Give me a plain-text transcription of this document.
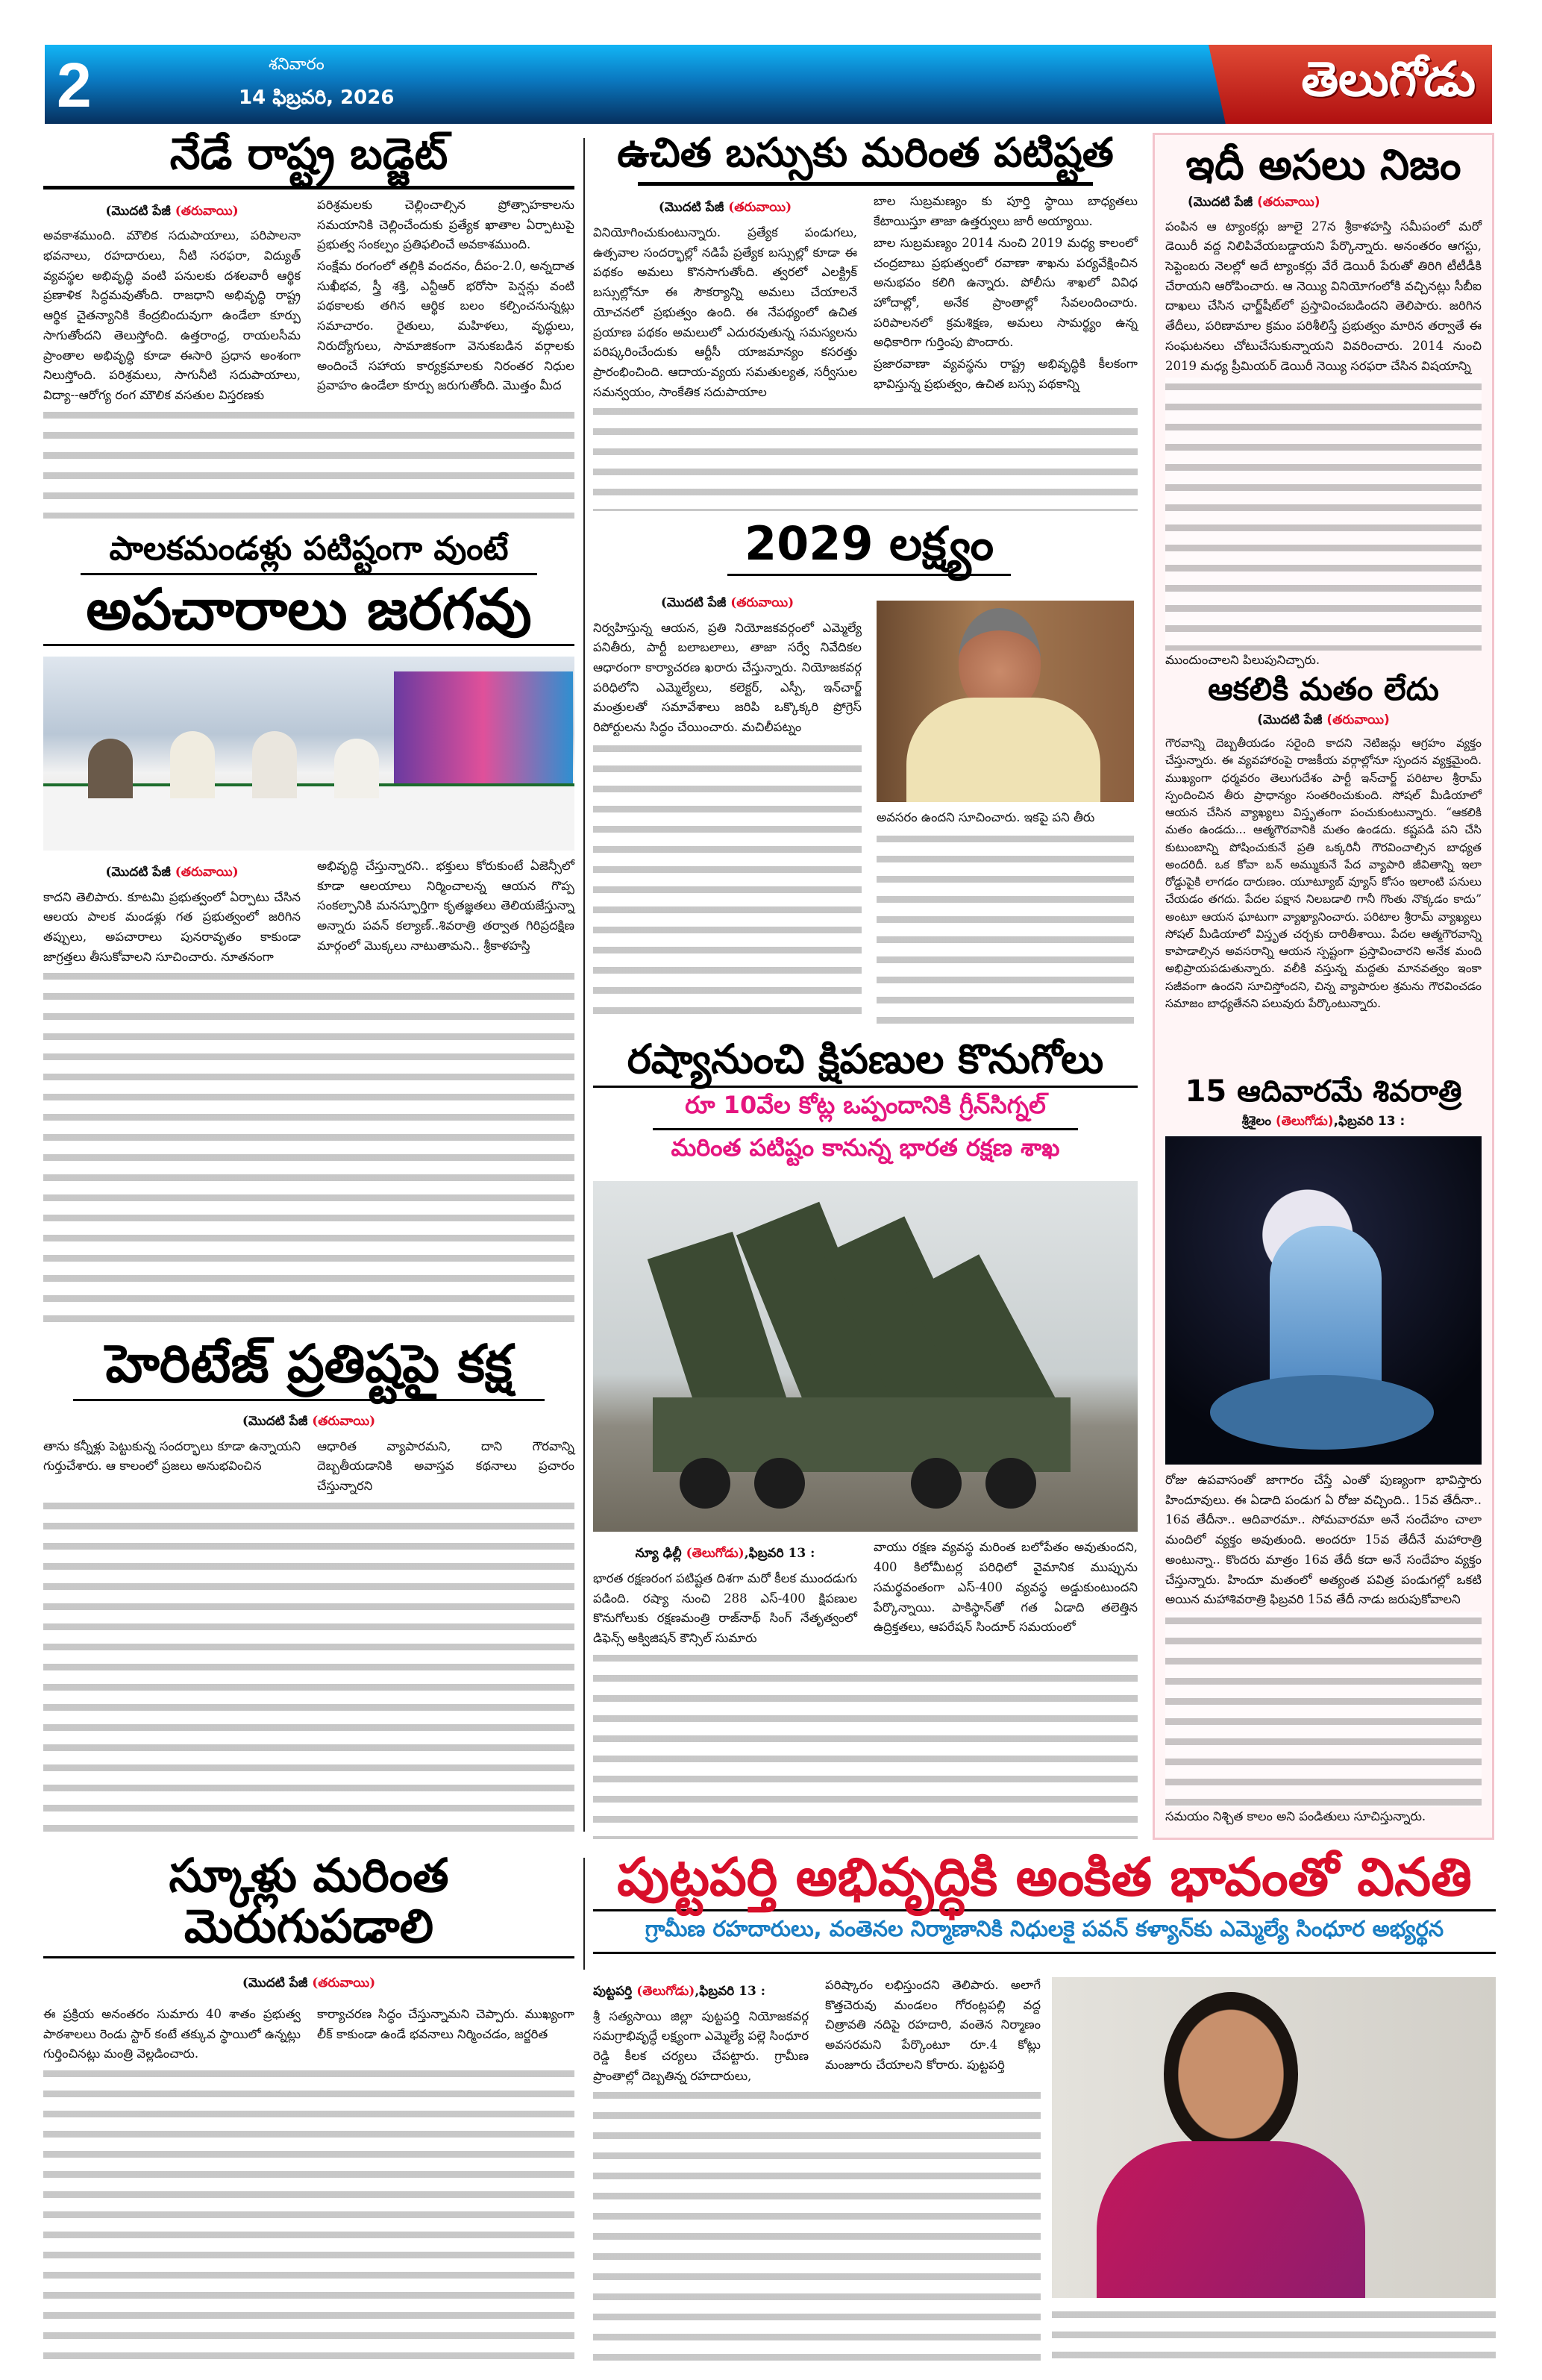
2	శనివారం
14 ఫిబ్రవరి, 2026	తెలుగోడు
నేడే రాష్ట్ర బడ్జెట్
(మొదటి పేజీ (తరువాయి)

అవకాశముంది. మౌలిక సదుపాయాలు, పరిపాలనా భవనాలు, రహదారులు, నీటి సరఫరా, విద్యుత్ వ్యవస్థల అభివృద్ధి వంటి పనులకు దశలవారీ ఆర్థిక ప్రణాళిక సిద్ధమవుతోంది. రాజధాని అభివృద్ధి రాష్ట్ర ఆర్థిక చైతన్యానికి కేంద్రబిందువుగా ఉండేలా కూర్పు సాగుతోందని తెలుస్తోంది. ఉత్తరాంధ్ర, రాయలసీమ ప్రాంతాల అభివృద్ధి కూడా ఈసారి ప్రధాన అంశంగా నిలుస్తోంది. పరిశ్రమలు, సాగునీటి సదుపాయాలు, విద్యా--ఆరోగ్య రంగ మౌలిక వసతుల విస్తరణకు

పరిశ్రమలకు చెల్లించాల్సిన ప్రోత్సాహకాలను సమయానికి చెల్లించేందుకు ప్రత్యేక ఖాతాల ఏర్పాటుపై ప్రభుత్వ సంకల్పం ప్రతిఫలించే అవకాశముంది.

సంక్షేమ రంగంలో తల్లికి వందనం, దీపం-2.0, అన్నదాత సుఖీభవ, స్త్రీ శక్తి, ఎన్టీఆర్ భరోసా పెన్షన్లు వంటి పథకాలకు తగిన ఆర్థిక బలం కల్పించనున్నట్లు సమాచారం. రైతులు, మహిళలు, వృద్ధులు, నిరుద్యోగులు, సామాజికంగా వెనుకబడిన వర్గాలకు అందించే సహాయ కార్యక్రమాలకు నిరంతర నిధుల ప్రవాహం ఉండేలా కూర్పు జరుగుతోంది. మొత్తం మీద

పాలకమండళ్లు పటిష్టంగా వుంటే
అపచారాలు జరగవు
(మొదటి పేజీ (తరువాయి)

కాదని తెలిపారు. కూటమి ప్రభుత్వంలో ఏర్పాటు చేసిన ఆలయ పాలక మండళ్లు గత ప్రభుత్వంలో జరిగిన తప్పులు, అపచారాలు పునరావృతం కాకుండా జాగ్రత్తలు తీసుకోవాలని సూచించారు. నూతనంగా

అభివృద్ధి చేస్తున్నారని.. భక్తులు కోరుకుంటే ఏజెన్సీలో కూడా ఆలయాలు నిర్మించాలన్న ఆయన గొప్ప సంకల్పానికి మనస్ఫూర్తిగా కృతజ్ఞతలు తెలియజేస్తున్నా అన్నారు పవన్ కల్యాణ్..శివరాత్రి తర్వాత గిరిప్రదక్షిణ మార్గంలో మొక్కలు నాటుతామని.. శ్రీకాళహస్తి

హెరిటేజ్ ప్రతిష్టపై కక్ష
(మొదటి పేజీ (తరువాయి)

తాను కన్నీళ్లు పెట్టుకున్న సందర్భాలు కూడా ఉన్నాయని గుర్తుచేశారు. ఆ కాలంలో ప్రజలు అనుభవించిన

ఆధారిత వ్యాపారమని, దాని గౌరవాన్ని దెబ్బతీయడానికి అవాస్తవ కథనాలు ప్రచారం చేస్తున్నారని

స్కూళ్లు మరింత మెరుగుపడాలి
(మొదటి పేజీ (తరువాయి)

ఈ ప్రక్రియ అనంతరం సుమారు 40 శాతం ప్రభుత్వ పాఠశాలలు రెండు స్టార్ కంటే తక్కువ స్థాయిలో ఉన్నట్లు గుర్తించినట్లు మంత్రి వెల్లడించారు.

కార్యాచరణ సిద్ధం చేస్తున్నామని చెప్పారు. ముఖ్యంగా లీక్ కాకుండా ఉండే భవనాలు నిర్మించడం, జర్జరిత

ఉచిత బస్సుకు మరింత పటిష్టత
(మొదటి పేజీ (తరువాయి)

వినియోగించుకుంటున్నారు. ప్రత్యేక పండుగలు, ఉత్సవాల సందర్భాల్లో నడిపే ప్రత్యేక బస్సుల్లో కూడా ఈ పథకం అమలు కొనసాగుతోంది. త్వరలో ఎలక్ట్రిక్ బస్సుల్లోనూ ఈ సౌకర్యాన్ని అమలు చేయాలనే యోచనలో ప్రభుత్వం ఉంది. ఈ నేపథ్యంలో ఉచిత ప్రయాణ పథకం అమలులో ఎదురవుతున్న సమస్యలను పరిష్కరించేందుకు ఆర్టీసీ యాజమాన్యం కసరత్తు ప్రారంభించింది. ఆదాయ-వ్యయ సమతుల్యత, సర్వీసుల సమన్వయం, సాంకేతిక సదుపాయాల

బాల సుబ్రమణ్యం కు పూర్తి స్థాయి బాధ్యతలు కేటాయిస్తూ తాజా ఉత్తర్వులు జారీ అయ్యాయి.

బాల సుబ్రమణ్యం 2014 నుంచి 2019 మధ్య కాలంలో చంద్రబాబు ప్రభుత్వంలో రవాణా శాఖను పర్యవేక్షించిన అనుభవం కలిగి ఉన్నారు. పోలీసు శాఖలో వివిధ హోదాల్లో, అనేక ప్రాంతాల్లో సేవలందించారు. పరిపాలనలో క్రమశిక్షణ, అమలు సామర్థ్యం ఉన్న అధికారిగా గుర్తింపు పొందారు.

ప్రజారవాణా వ్యవస్థను రాష్ట్ర అభివృద్ధికి కీలకంగా భావిస్తున్న ప్రభుత్వం, ఉచిత బస్సు పథకాన్ని

2029 లక్ష్యం
(మొదటి పేజీ (తరువాయి)

నిర్వహిస్తున్న ఆయన, ప్రతి నియోజకవర్గంలో ఎమ్మెల్యే పనితీరు, పార్టీ బలాబలాలు, తాజా సర్వే నివేదికల ఆధారంగా కార్యాచరణ ఖరారు చేస్తున్నారు. నియోజకవర్గ పరిధిలోని ఎమ్మెల్యేలు, కలెక్టర్, ఎస్పీ, ఇన్‌చార్జ్ మంత్రులతో సమావేశాలు జరిపి ఒక్కొక్కరి ప్రోగ్రెస్ రిపోర్టులను సిద్ధం చేయించారు. మచిలీపట్నం

అవసరం ఉందని సూచించారు. ఇకపై పని తీరు

రష్యానుంచి క్షిపణుల కొనుగోలు
రూ 10వేల కోట్ల ఒప్పందానికి గ్రీన్‌సిగ్నల్
మరింత పటిష్టం కానున్న భారత రక్షణ శాఖ
న్యూ ఢిల్లీ (తెలుగోడు),ఫిబ్రవరి 13 :

భారత రక్షణరంగ పటిష్టత దిశగా మరో కీలక ముందడుగు పడింది. రష్యా నుంచి 288 ఎస్-400 క్షిపణుల కొనుగోలుకు రక్షణమంత్రి రాజ్‌నాథ్ సింగ్ నేతృత్వంలో డిఫెన్స్ అక్విజిషన్ కౌన్సిల్ సుమారు

వాయు రక్షణ వ్యవస్థ మరింత బలోపేతం అవుతుందని, 400 కిలోమీటర్ల పరిధిలో వైమానిక ముప్పును సమర్థవంతంగా ఎస్-400 వ్యవస్థ అడ్డుకుంటుందని పేర్కొన్నాయి. పాకిస్థాన్‌తో గత ఏడాది తలెత్తిన ఉద్రిక్తతలు, ఆపరేషన్ సిందూర్ సమయంలో

ఇదీ అసలు నిజం
(మొదటి పేజీ (తరువాయి)

పంపిన ఆ ట్యాంకర్లు జూలై 27న శ్రీకాళహస్తి సమీపంలో మరో డెయిరీ వద్ద నిలిపివేయబడ్డాయని పేర్కొన్నారు. అనంతరం ఆగస్టు, సెప్టెంబరు నెలల్లో అదే ట్యాంకర్లు వేరే డెయిరీ పేరుతో తిరిగి టీటీడీకి చేరాయని ఆరోపించారు. ఆ నెయ్యి వినియోగంలోకి వచ్చినట్లు సీబీఐ దాఖలు చేసిన ఛార్జ్‌షీట్‌లో ప్రస్తావించబడిందని తెలిపారు. జరిగిన తేదీలు, పరిణామాల క్రమం పరిశీలిస్తే ప్రభుత్వం మారిన తర్వాతే ఈ సంఘటనలు చోటుచేసుకున్నాయని వివరించారు. 2014 నుంచి 2019 మధ్య ప్రీమియర్ డెయిరీ నెయ్యి సరఫరా చేసిన విషయాన్ని

ముందుంచాలని పిలుపునిచ్చారు.

ఆకలికి మతం లేదు
(మొదటి పేజీ (తరువాయి)

గౌరవాన్ని దెబ్బతీయడం సరైంది కాదని నెటిజన్లు ఆగ్రహం వ్యక్తం చేస్తున్నారు. ఈ వ్యవహారంపై రాజకీయ వర్గాల్లోనూ స్పందన వ్యక్తమైంది. ముఖ్యంగా ధర్మవరం తెలుగుదేశం పార్టీ ఇన్‌చార్జ్ పరిటాల శ్రీరామ్ స్పందించిన తీరు ప్రాధాన్యం సంతరించుకుంది. సోషల్ మీడియాలో ఆయన చేసిన వ్యాఖ్యలు విస్తృతంగా పంచుకుంటున్నారు. “ఆకలికి మతం ఉండదు... ఆత్మగౌరవానికి మతం ఉండదు. కష్టపడి పని చేసి కుటుంబాన్ని పోషించుకునే ప్రతి ఒక్కరినీ గౌరవించాల్సిన బాధ్యత అందరిదీ. ఒక కోవా బన్ అమ్ముకునే పేద వ్యాపారి జీవితాన్ని ఇలా రోడ్డుపైకి లాగడం దారుణం. యూట్యూబ్ వ్యూస్ కోసం ఇలాంటి పనులు చేయడం తగదు. పేదల పక్షాన నిలబడాలి గానీ గొంతు నొక్కడం కాదు” అంటూ ఆయన ఘాటుగా వ్యాఖ్యానించారు. పరిటాల శ్రీరామ్ వ్యాఖ్యలు సోషల్ మీడియాలో విస్తృత చర్చకు దారితీశాయి. పేదల ఆత్మగౌరవాన్ని కాపాడాల్సిన అవసరాన్ని ఆయన స్పష్టంగా ప్రస్తావించారని అనేక మంది అభిప్రాయపడుతున్నారు. వలీకి వస్తున్న మద్దతు మానవత్వం ఇంకా సజీవంగా ఉందని సూచిస్తోందని, చిన్న వ్యాపారుల శ్రమను గౌరవించడం సమాజం బాధ్యతేనని పలువురు పేర్కొంటున్నారు.

15 ఆదివారమే శివరాత్రి
శ్రీశైలం (తెలుగోడు),ఫిబ్రవరి 13 :

రోజు ఉపవాసంతో జాగారం చేస్తే ఎంతో పుణ్యంగా భావిస్తారు హిందూవులు. ఈ ఏడాది పండుగ ఏ రోజు వచ్చింది.. 15వ తేదీనా.. 16వ తేదీనా.. ఆదివారమా.. సోమవారమా అనే సందేహం చాలా మందిలో వ్యక్తం అవుతుంది. అందరూ 15వ తేదీనే మహారాత్రి అంటున్నా.. కొందరు మాత్రం 16వ తేదీ కదా అనే సందేహం వ్యక్తం చేస్తున్నారు. హిందూ మతంలో అత్యంత పవిత్ర పండుగల్లో ఒకటి అయిన మహాశివరాత్రి ఫిబ్రవరి 15వ తేదీ నాడు జరుపుకోవాలని

సమయం నిశ్చిత కాలం అని పండితులు సూచిస్తున్నారు.

పుట్టపర్తి అభివృద్ధికి అంకిత భావంతో వినతి
గ్రామీణ రహదారులు, వంతెనల నిర్మాణానికి నిధులకై పవన్ కళ్యాన్‌కు ఎమ్మెల్యే సింధూర అభ్యర్థన
పుట్టపర్తి (తెలుగోడు),ఫిబ్రవరి 13 :

శ్రీ సత్యసాయి జిల్లా పుట్టపర్తి నియోజకవర్గ సమగ్రాభివృద్ధే లక్ష్యంగా ఎమ్మెల్యే పల్లె సింధూర రెడ్డి కీలక చర్యలు చేపట్టారు. గ్రామీణ ప్రాంతాల్లో దెబ్బతిన్న రహదారులు,

పరిష్కారం లభిస్తుందని తెలిపారు. అలాగే కొత్తచెరువు మండలం గోరంట్లపల్లి వద్ద చిత్రావతి నదిపై రహదారి, వంతెన నిర్మాణం అవసరమని పేర్కొంటూ రూ.4 కోట్లు మంజూరు చేయాలని కోరారు. పుట్టపర్తి
